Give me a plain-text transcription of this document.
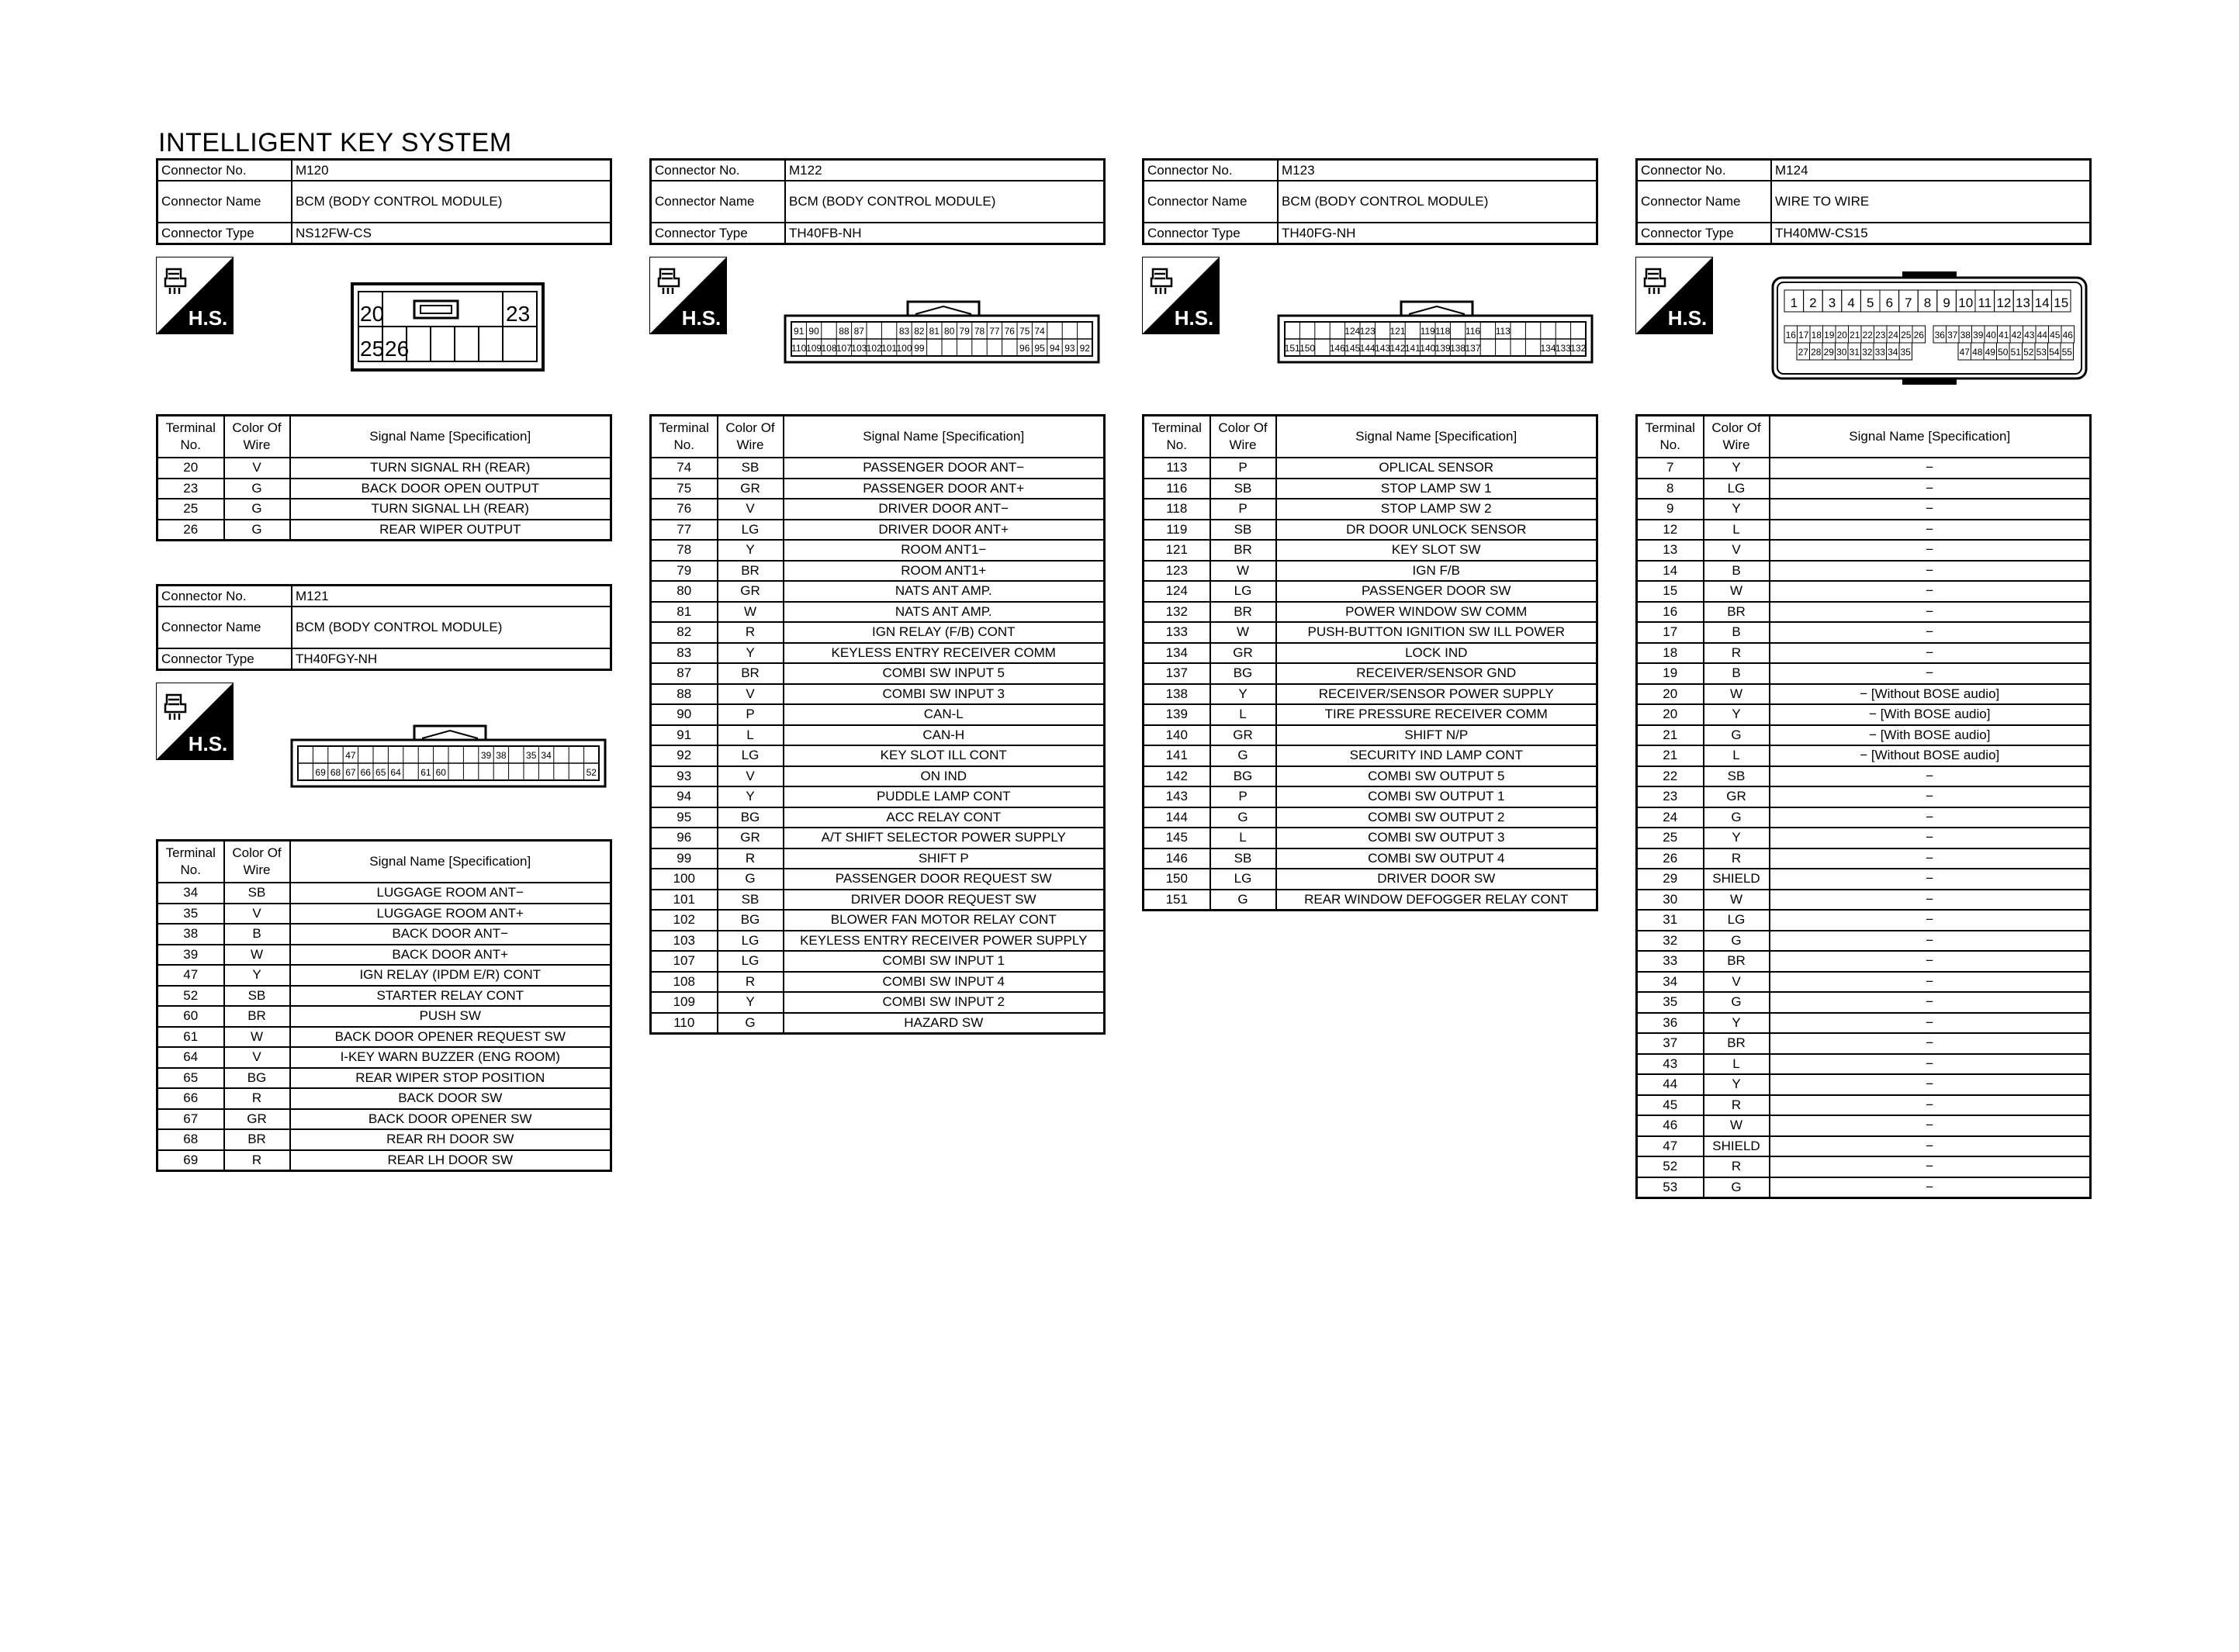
INTELLIGENT KEY SYSTEM
Connector No.	M120
Connector Name	BCM (BODY CONTROL MODULE)
Connector Type	NS12FW-CS
H.S.	20	23
25 26
Terminal No.	Color Of Wire	Signal Name [Specification]
20	V	TURN SIGNAL RH (REAR)
23	G	BACK DOOR OPEN OUTPUT
25	G	TURN SIGNAL LH (REAR)
26	G	REAR WIPER OUTPUT
Connector No.	M121
Connector Name	BCM (BODY CONTROL MODULE)
Connector Type	TH40FGY-NH
H.S.	47	39 38 35 34
69 68 67 66 65 64 61 60	52
Terminal No.	Color Of Wire	Signal Name [Specification]
34	SB	LUGGAGE ROOM ANT−
35	V	LUGGAGE ROOM ANT+
38	B	BACK DOOR ANT−
39	W	BACK DOOR ANT+
47	Y	IGN RELAY (IPDM E/R) CONT
52	SB	STARTER RELAY CONT
60	BR	PUSH SW
61	W	BACK DOOR OPENER REQUEST SW
64	V	I-KEY WARN BUZZER (ENG ROOM)
65	BG	REAR WIPER STOP POSITION
66	R	BACK DOOR SW
67	GR	BACK DOOR OPENER SW
68	BR	REAR RH DOOR SW
69	R	REAR LH DOOR SW
Connector No.	M122
Connector Name	BCM (BODY CONTROL MODULE)
Connector Type	TH40FB-NH
H.S.
91 90 88 87	83 82 81 80 79 78 77 76 75 74
110 109 108 107 103 102 101 100 99	96 95 94 93 92
Terminal No.	Color Of Wire	Signal Name [Specification]
74	SB	PASSENGER DOOR ANT−
75	GR	PASSENGER DOOR ANT+
76	V	DRIVER DOOR ANT−
77	LG	DRIVER DOOR ANT+
78	Y	ROOM ANT1−
79	BR	ROOM ANT1+
80	GR	NATS ANT AMP.
81	W	NATS ANT AMP.
82	R	IGN RELAY (F/B) CONT
83	Y	KEYLESS ENTRY RECEIVER COMM
87	BR	COMBI SW INPUT 5
88	V	COMBI SW INPUT 3
90	P	CAN-L
91	L	CAN-H
92	LG	KEY SLOT ILL CONT
93	V	ON IND
94	Y	PUDDLE LAMP CONT
95	BG	ACC RELAY CONT
96	GR	A/T SHIFT SELECTOR POWER SUPPLY
99	R	SHIFT P
100	G	PASSENGER DOOR REQUEST SW
101	SB	DRIVER DOOR REQUEST SW
102	BG	BLOWER FAN MOTOR RELAY CONT
103	LG	KEYLESS ENTRY RECEIVER POWER SUPPLY
107	LG	COMBI SW INPUT 1
108	R	COMBI SW INPUT 4
109	Y	COMBI SW INPUT 2
110	G	HAZARD SW
Connector No.	M123
Connector Name	BCM (BODY CONTROL MODULE)
Connector Type	TH40FG-NH
H.S.
124 123 121 119 118 116 113
151 150 146 145 144 143 142 141 140 139 138 137	134 133 132
Terminal No.	Color Of Wire	Signal Name [Specification]
113	P	OPLICAL SENSOR
116	SB	STOP LAMP SW 1
118	P	STOP LAMP SW 2
119	SB	DR DOOR UNLOCK SENSOR
121	BR	KEY SLOT SW
123	W	IGN F/B
124	LG	PASSENGER DOOR SW
132	BR	POWER WINDOW SW COMM
133	W	PUSH-BUTTON IGNITION SW ILL POWER
134	GR	LOCK IND
137	BG	RECEIVER/SENSOR GND
138	Y	RECEIVER/SENSOR POWER SUPPLY
139	L	TIRE PRESSURE RECEIVER COMM
140	GR	SHIFT N/P
141	G	SECURITY IND LAMP CONT
142	BG	COMBI SW OUTPUT 5
143	P	COMBI SW OUTPUT 1
144	G	COMBI SW OUTPUT 2
145	L	COMBI SW OUTPUT 3
146	SB	COMBI SW OUTPUT 4
150	LG	DRIVER DOOR SW
151	G	REAR WINDOW DEFOGGER RELAY CONT
Connector No.	M124
Connector Name	WIRE TO WIRE
Connector Type	TH40MW-CS15
H.S.
1 2 3 4 5 6 7 8 9 10 11 12 13 14 15
16 17 18 19 20 21 22 23 24 25 26 36 37 38 39 40 41 42 43 44 45 46
27 28 29 30 31 32 33 34 35	47 48 49 50 51 52 53 54 55
Terminal No.	Color Of Wire	Signal Name [Specification]
7	Y	−
8	LG	−
9	Y	−
12	L	−
13	V	−
14	B	−
15	W	−
16	BR	−
17	B	−
18	R	−
19	B	−
20	W	− [Without BOSE audio]
20	Y	− [With BOSE audio]
21	G	− [With BOSE audio]
21	L	− [Without BOSE audio]
22	SB	−
23	GR	−
24	G	−
25	Y	−
26	R	−
29	SHIELD	−
30	W	−
31	LG	−
32	G	−
33	BR	−
34	V	−
35	G	−
36	Y	−
37	BR	−
43	L	−
44	Y	−
45	R	−
46	W	−
47	SHIELD	−
52	R	−
53	G	−
